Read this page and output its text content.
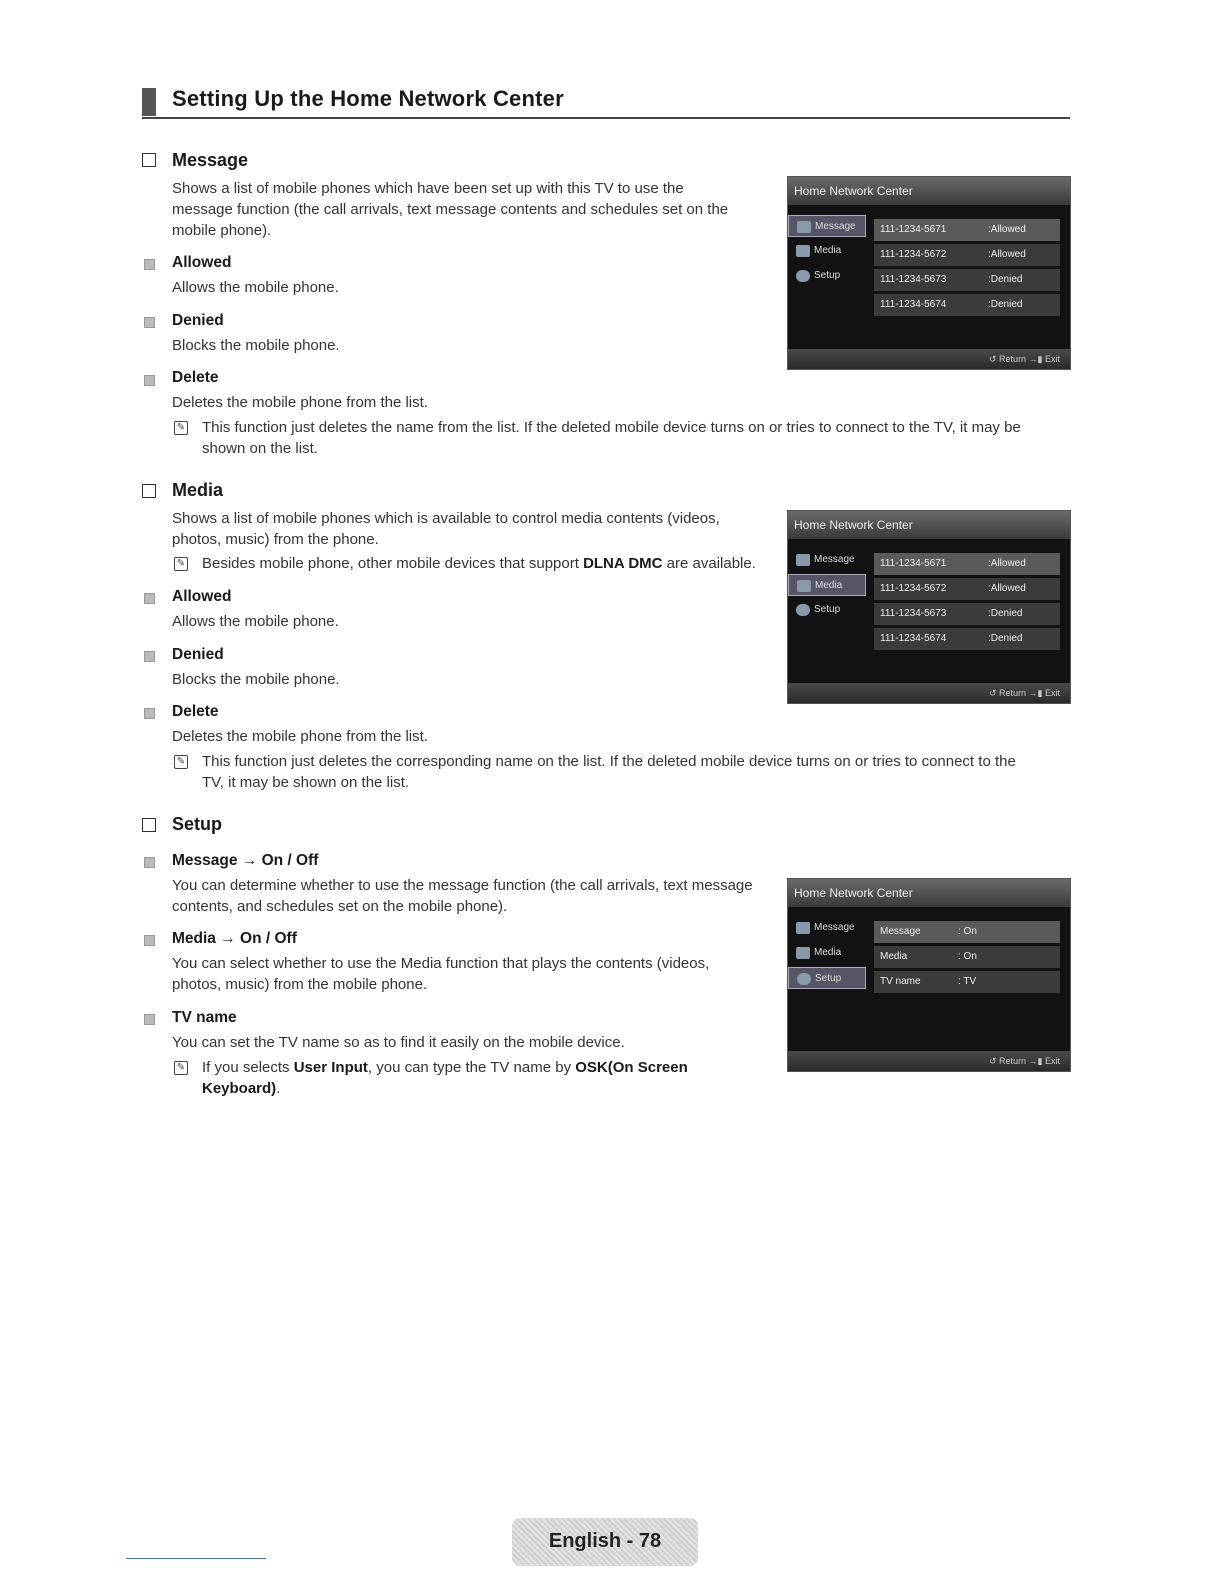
Setting Up the Home Network Center
Message
Shows a list of mobile phones which have been set up with this TV to use the
message function (the call arrivals, text message contents and schedules set on the
mobile phone).
Allowed
Allows the mobile phone.
Denied
Blocks the mobile phone.
Delete
Deletes the mobile phone from the list.
✎
This function just deletes the name from the list. If the deleted mobile device turns on or tries to connect to the TV, it may be
shown on the list.
Home Network Center
Message
Media
Setup
111-1234-5671	:Allowed
111-1234-5672	:Allowed
111-1234-5673	:Denied
111-1234-5674	:Denied
↺ Return →▮ Exit
Media
Shows a list of mobile phones which is available to control media contents (videos,
photos, music) from the phone.
✎
Besides mobile phone, other mobile devices that support DLNA DMC are available.
Allowed
Allows the mobile phone.
Denied
Blocks the mobile phone.
Delete
Deletes the mobile phone from the list.
✎
This function just deletes the corresponding name on the list. If the deleted mobile device turns on or tries to connect to the
TV, it may be shown on the list.
Home Network Center
Message
Media
Setup
111-1234-5671	:Allowed
111-1234-5672	:Allowed
111-1234-5673	:Denied
111-1234-5674	:Denied
↺ Return →▮ Exit
Setup
Message → On / Off
You can determine whether to use the message function (the call arrivals, text message
contents, and schedules set on the mobile phone).
Media → On / Off
You can select whether to use the Media function that plays the contents (videos,
photos, music) from the mobile phone.
TV name
You can set the TV name so as to find it easily on the mobile device.
✎
If you selects User Input, you can type the TV name by OSK(On Screen
Keyboard).
Home Network Center
Message
Media
Setup
Message	: On
Media	: On
TV name	: TV
↺ Return →▮ Exit
English - 78
